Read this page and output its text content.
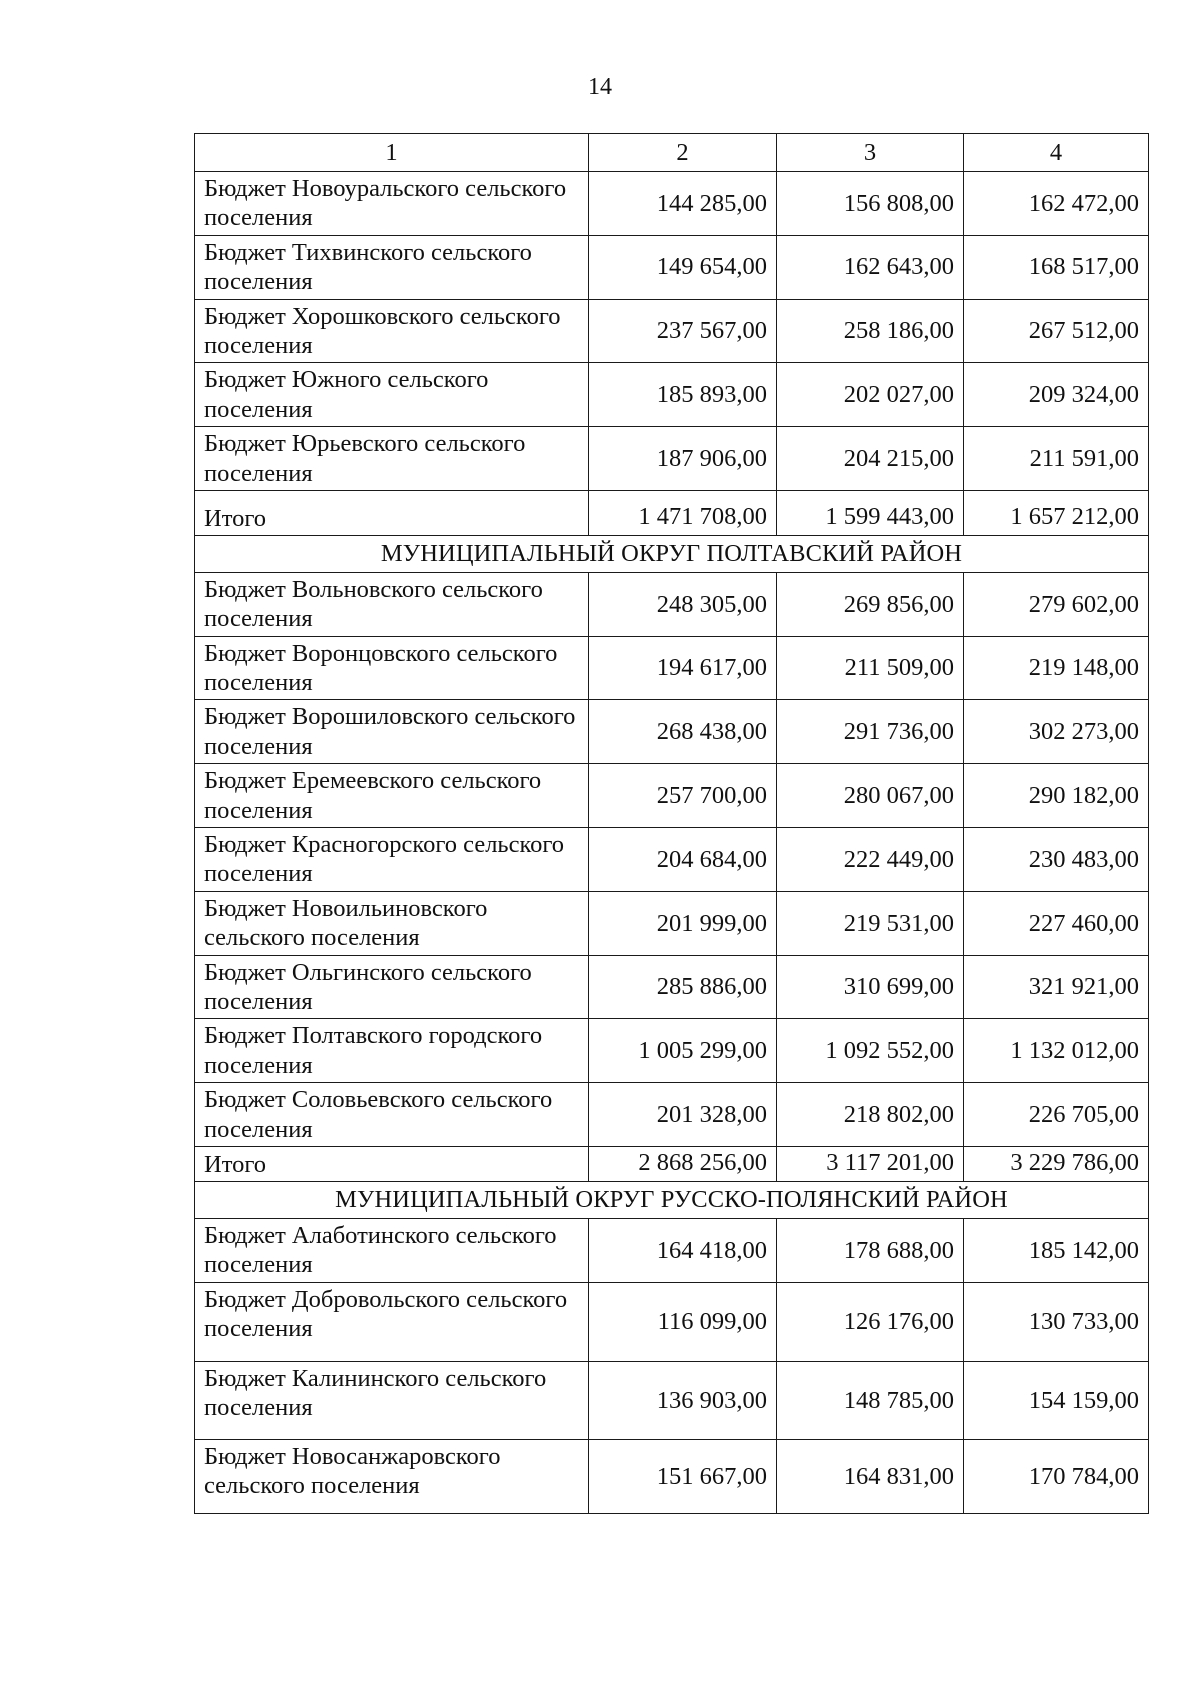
14
1	2	3	4
Бюджет Новоуральского сельского поселения	144 285,00	156 808,00	162 472,00
Бюджет Тихвинского сельского поселения	149 654,00	162 643,00	168 517,00
Бюджет Хорошковского сельского поселения	237 567,00	258 186,00	267 512,00
Бюджет Южного сельского поселения	185 893,00	202 027,00	209 324,00
Бюджет Юрьевского сельского поселения	187 906,00	204 215,00	211 591,00
Итого	1 471 708,00	1 599 443,00	1 657 212,00
МУНИЦИПАЛЬНЫЙ ОКРУГ ПОЛТАВСКИЙ РАЙОН			
Бюджет Вольновского сельского поселения	248 305,00	269 856,00	279 602,00
Бюджет Воронцовского сельского поселения	194 617,00	211 509,00	219 148,00
Бюджет Ворошиловского сельского поселения	268 438,00	291 736,00	302 273,00
Бюджет Еремеевского сельского поселения	257 700,00	280 067,00	290 182,00
Бюджет Красногорского сельского поселения	204 684,00	222 449,00	230 483,00
Бюджет Новоильиновского сельского поселения	201 999,00	219 531,00	227 460,00
Бюджет Ольгинского сельского поселения	285 886,00	310 699,00	321 921,00
Бюджет Полтавского городского поселения	1 005 299,00	1 092 552,00	1 132 012,00
Бюджет Соловьевского сельского поселения	201 328,00	218 802,00	226 705,00
Итого	2 868 256,00	3 117 201,00	3 229 786,00
МУНИЦИПАЛЬНЫЙ ОКРУГ РУССКО-ПОЛЯНСКИЙ РАЙОН			
Бюджет Алаботинского сельского поселения	164 418,00	178 688,00	185 142,00
Бюджет Добровольского сельского поселения	116 099,00	126 176,00	130 733,00
Бюджет Калининского сельского поселения	136 903,00	148 785,00	154 159,00
Бюджет Новосанжаровского сельского поселения	151 667,00	164 831,00	170 784,00
